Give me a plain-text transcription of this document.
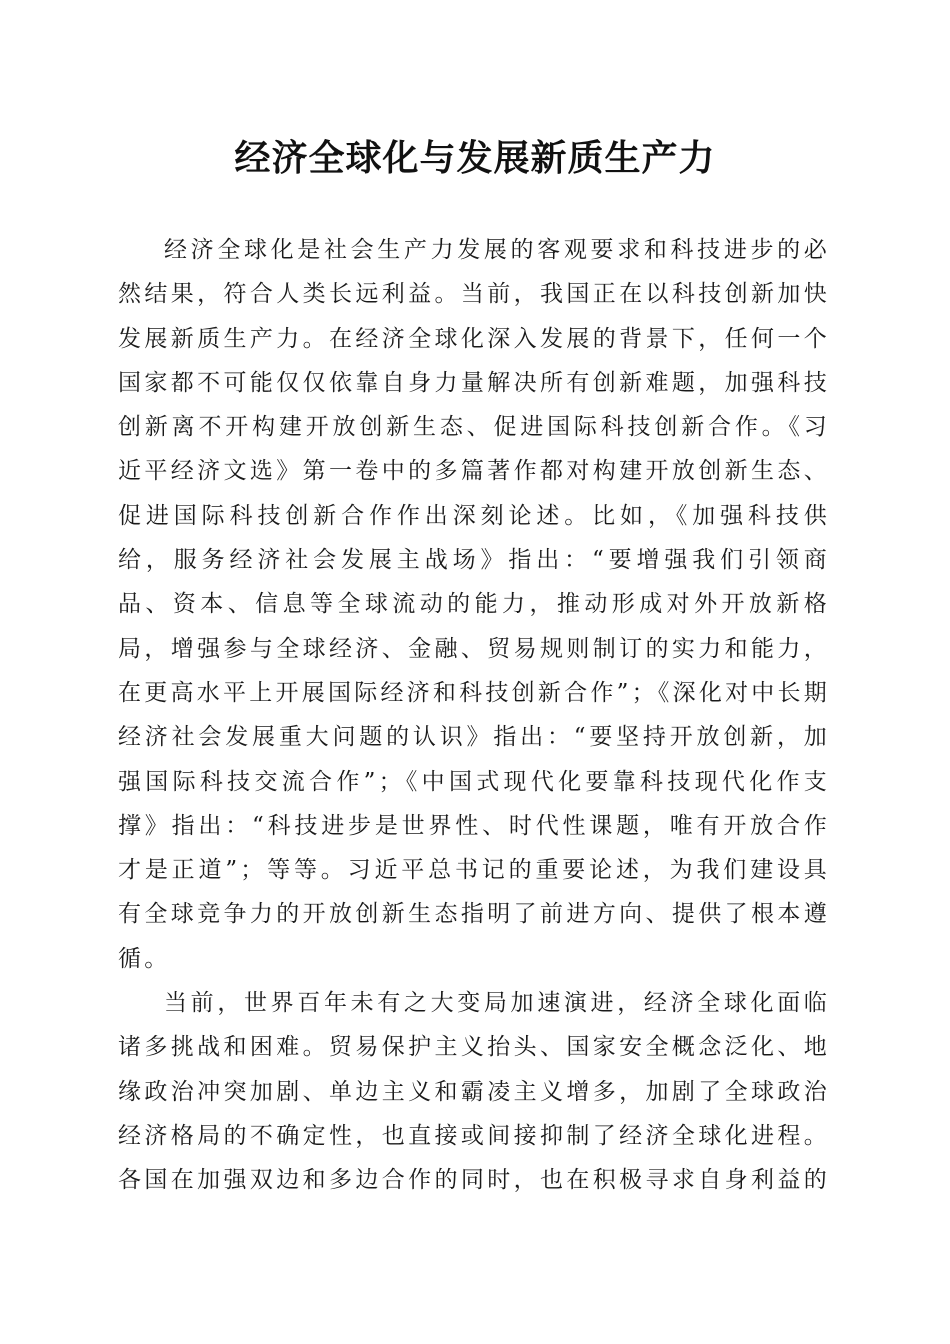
经济全球化与发展新质生产力

经济全球化是社会生产力发展的客观要求和科技进步的必然结果，符合人类长远利益。当前，我国正在以科技创新加快发展新质生产力。在经济全球化深入发展的背景下，任何一个国家都不可能仅仅依靠自身力量解决所有创新难题，加强科技创新离不开构建开放创新生态、促进国际科技创新合作。《习近平经济文选》第一卷中的多篇著作都对构建开放创新生态、促进国际科技创新合作作出深刻论述。比如，《加强科技供给，服务经济社会发展主战场》指出：“要增强我们引领商品、资本、信息等全球流动的能力，推动形成对外开放新格局，增强参与全球经济、金融、贸易规则制订的实力和能力，在更高水平上开展国际经济和科技创新合作”；《深化对中长期经济社会发展重大问题的认识》指出：“要坚持开放创新，加强国际科技交流合作”；《中国式现代化要靠科技现代化作支撑》指出：“科技进步是世界性、时代性课题，唯有开放合作才是正道”；等等。习近平总书记的重要论述，为我们建设具有全球竞争力的开放创新生态指明了前进方向、提供了根本遵循。

当前，世界百年未有之大变局加速演进，经济全球化面临诸多挑战和困难。贸易保护主义抬头、国家安全概念泛化、地缘政治冲突加剧、单边主义和霸凌主义增多，加剧了全球政治经济格局的不确定性，也直接或间接抑制了经济全球化进程。各国在加强双边和多边合作的同时，也在积极寻求自身利益的
